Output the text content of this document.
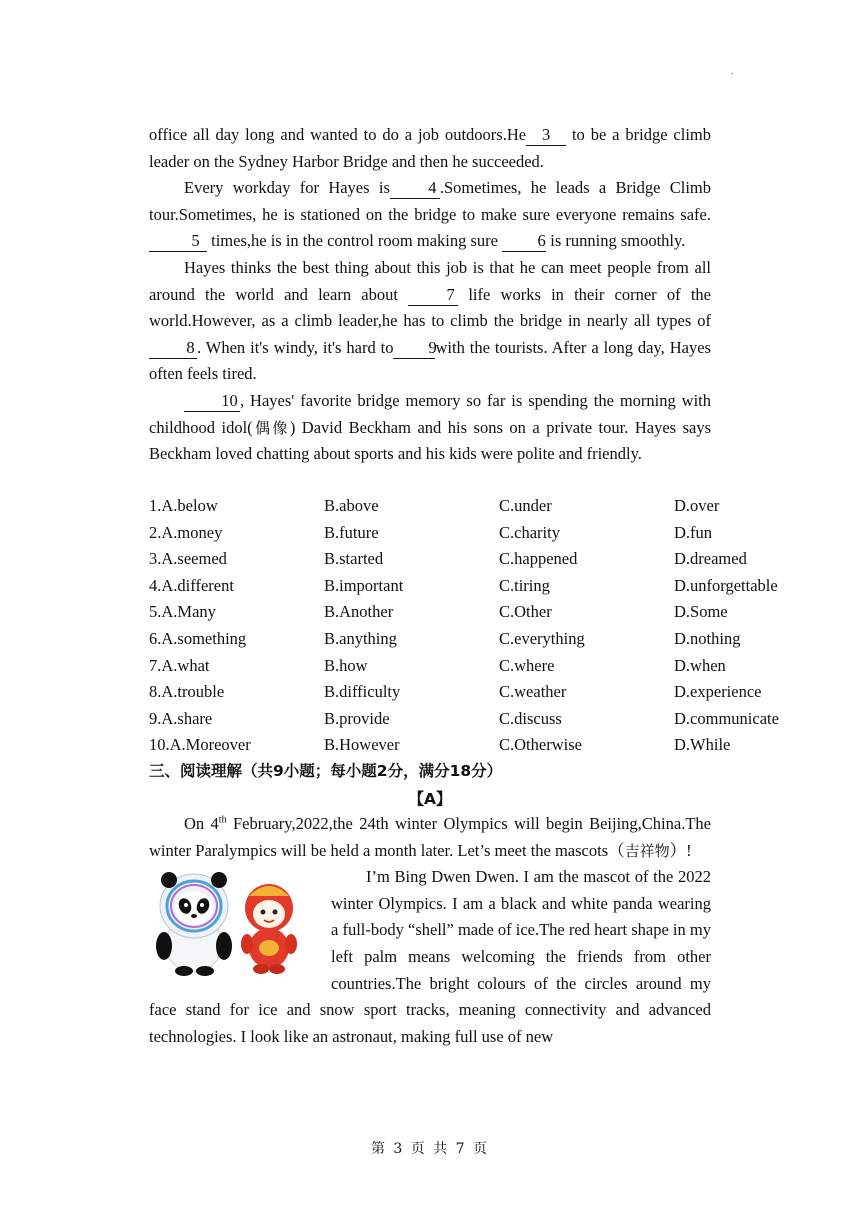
.

office all day long and wanted to do a job outdoors.He 3 to be a bridge climb leader on the Sydney Harbor Bridge and then he succeeded.

Every workday for Hayes is 4 .Sometimes, he leads a Bridge Climb tour.Sometimes, he is stationed on the bridge to make sure everyone remains safe.5 times,he is in the control room making sure 6 is running smoothly.

Hayes thinks the best thing about this job is that he can meet people from all around the world and learn about 7 life works in their corner of the world.However, as a climb leader,he has to climb the bridge in nearly all types of 8 . When it's windy, it's hard to 9with the tourists. After a long day, Hayes often feels tired.

10 , Hayes' favorite bridge memory so far is spending the morning with childhood idol(偶像) David Beckham and his sons on a private tour. Hayes says Beckham loved chatting about sports and his kids were polite and friendly.

1.A.below	B.above	C.under	D.over
2.A.money	B.future	C.charity	D.fun
3.A.seemed	B.started	C.happened	D.dreamed
4.A.different	B.important	C.tiring	D.unforgettable
5.A.Many	B.Another	C.Other	D.Some
6.A.something	B.anything	C.everything	D.nothing
7.A.what	B.how	C.where	D.when
8.A.trouble	B.difficulty	C.weather	D.experience
9.A.share	B.provide	C.discuss	D.communicate
10.A.Moreover	B.However	C.Otherwise	D.While
三、阅读理解（共9小题；每小题2分，满分18分）
【A】

On 4th February,2022,the 24th winter Olympics will begin Beijing,China.The winter Paralympics will be held a month later. Let’s meet the mascots（吉祥物）!

I’m Bing Dwen Dwen. I am the mascot of the 2022 winter Olympics. I am a black and white panda wearing a full-body “shell” made of ice.The red heart shape in my left palm means welcoming the friends from other countries.The bright colours of the circles around my face stand for ice and snow sport tracks, meaning connectivity and advanced technologies. I look like an astronaut, making full use of new

第 3 页 共 7 页
